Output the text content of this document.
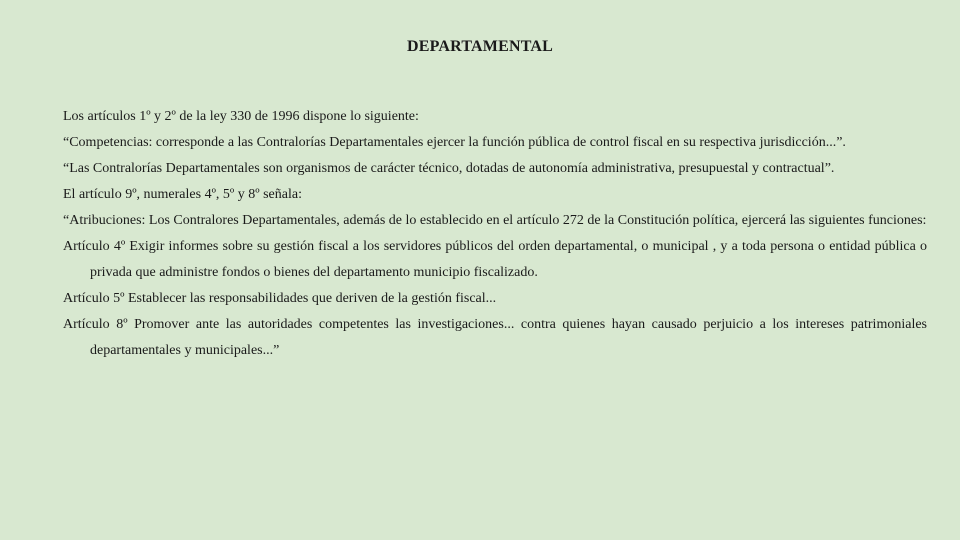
DEPARTAMENTAL

Los artículos 1º y 2º de la ley 330 de 1996 dispone lo siguiente:

“Competencias: corresponde a las Contralorías Departamentales ejercer la función pública de control fiscal en su respectiva jurisdicción...”.

“Las Contralorías Departamentales son organismos de carácter técnico, dotadas de autonomía administrativa, presupuestal y contractual”.

El artículo 9º, numerales 4º, 5º y 8º señala:

“Atribuciones: Los Contralores Departamentales, además de lo establecido en el artículo 272 de la Constitución política, ejercerá las siguientes funciones:

Artículo 4º Exigir informes sobre su gestión fiscal a los servidores públicos del orden departamental, o municipal , y a toda persona o entidad pública o privada que administre fondos o bienes del departamento municipio fiscalizado.

Artículo 5º Establecer las responsabilidades que deriven de la gestión fiscal...

Artículo 8º Promover ante las autoridades competentes las investigaciones... contra quienes hayan causado perjuicio a los intereses patrimoniales departamentales y municipales...”
